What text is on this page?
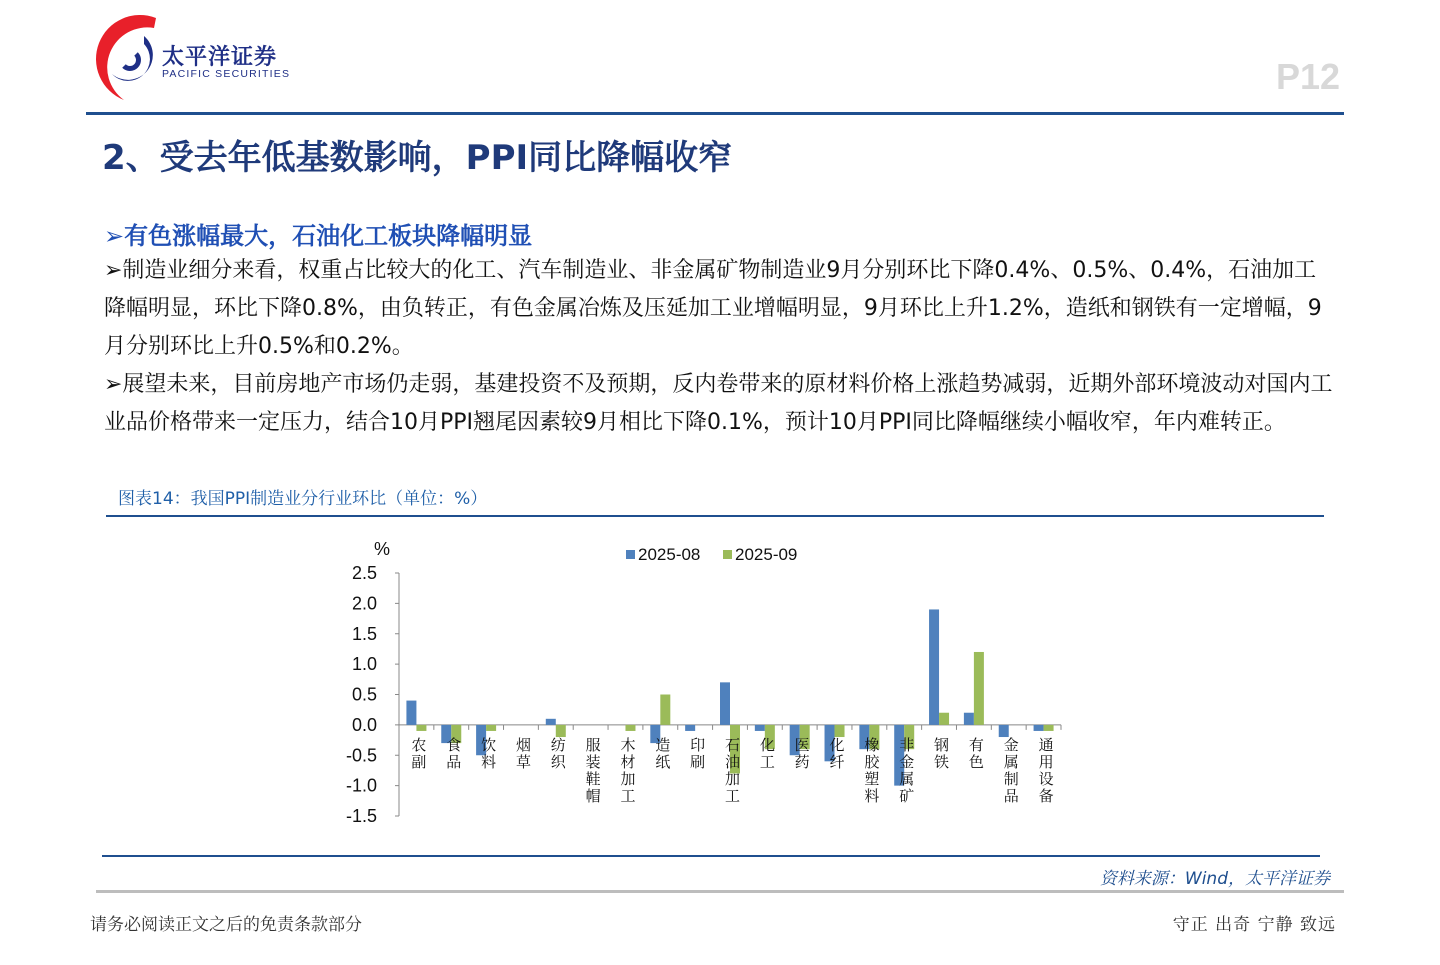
太平洋证券
PACIFIC SECURITIES	P12
2、受去年低基数影响，PPI同比降幅收窄
➢有色涨幅最大，石油化工板块降幅明显
➢制造业细分来看，权重占比较大的化工、汽车制造业、非金属矿物制造业9月分别环比下降0.4%、0.5%、0.4%，石油加工降幅明显，环比下降0.8%，由负转正，有色金属冶炼及压延加工业增幅明显，9月环比上升1.2%，造纸和钢铁有一定增幅，9月分别环比上升0.5%和0.2%。
➢展望未来，目前房地产市场仍走弱，基建投资不及预期，反内卷带来的原材料价格上涨趋势减弱，近期外部环境波动对国内工业品价格带来一定压力，结合10月PPI翘尾因素较9月相比下降0.1%，预计10月PPI同比降幅继续小幅收窄，年内难转正。
图表14：我国PPI制造业分行业环比（单位：%）
%	2025-08 2025-09
2.5
2.0
1.5
1.0
0.5
0.0
-0.5
-1.0
-1.5
农副 食品 饮料 烟草 纺织 服装鞋帽 木材加工 造纸 印刷 石油加工 化工 医药 化纤 橡胶塑料 非金属矿 钢铁 有色 金属制品 通用设备
资料来源：Wind，太平洋证券
请务必阅读正文之后的免责条款部分	守正 出奇 宁静 致远
